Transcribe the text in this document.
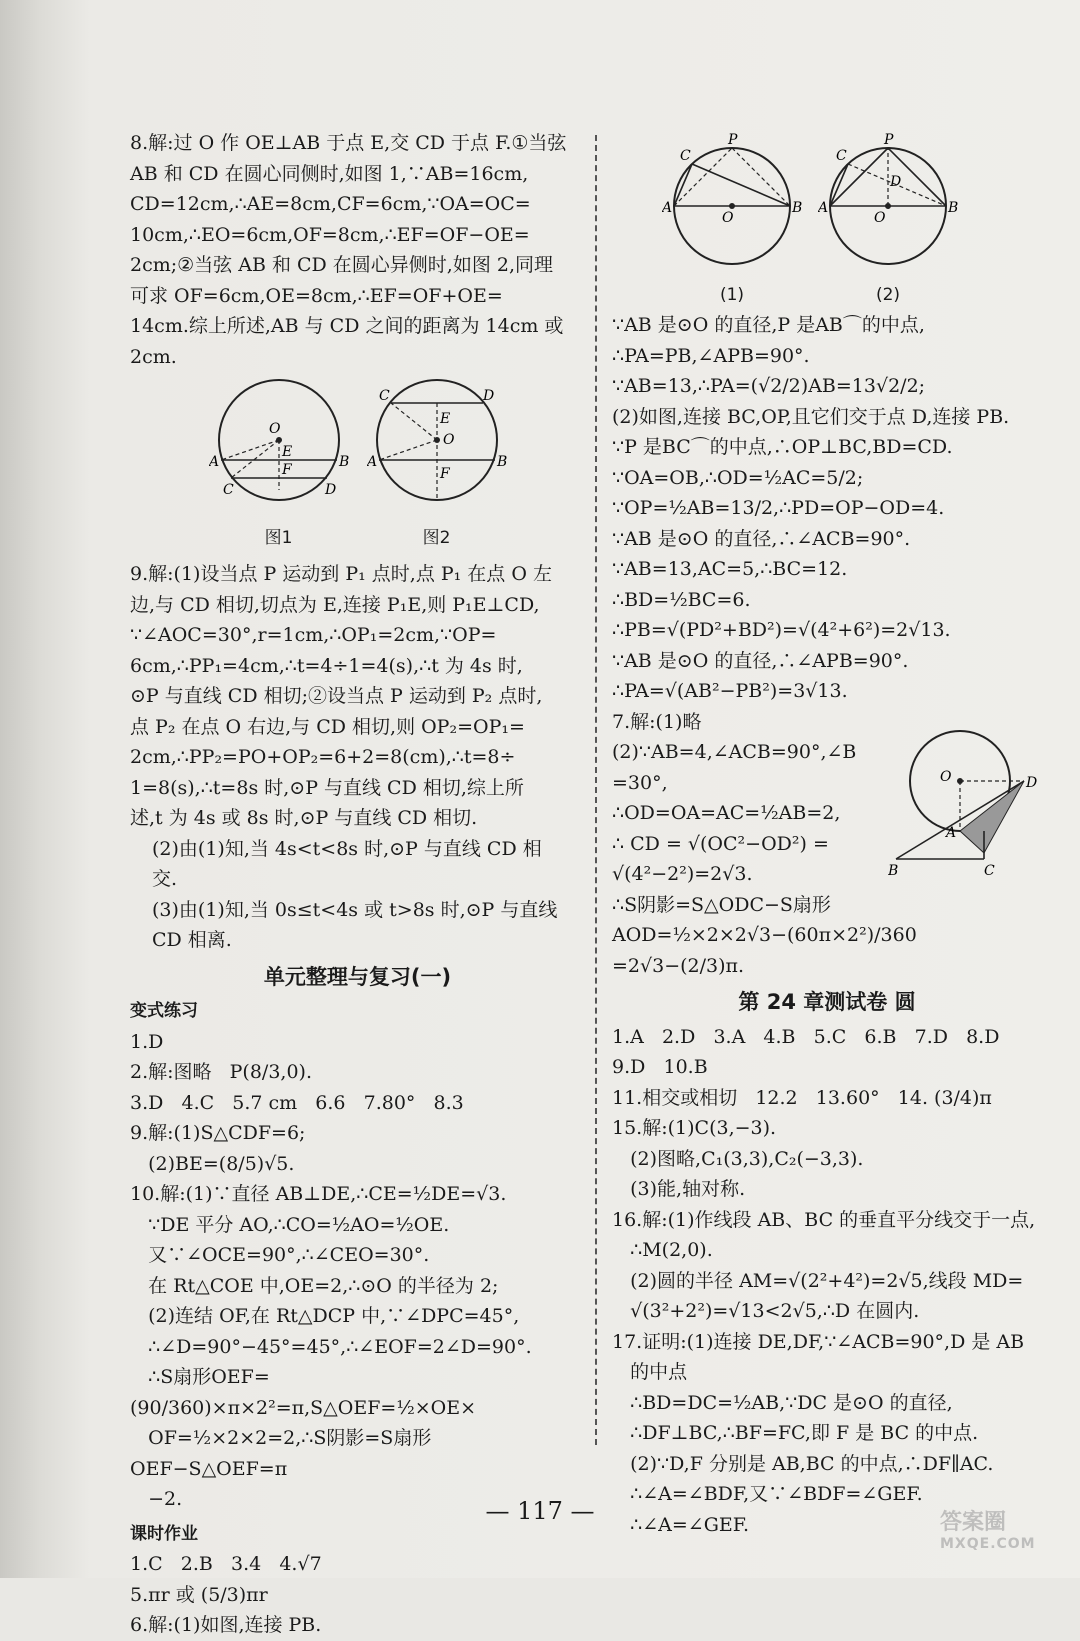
8.解:过 O 作 OE⊥AB 于点 E,交 CD 于点 F.①当弦
AB 和 CD 在圆心同侧时,如图 1,∵AB=16cm,
CD=12cm,∴AE=8cm,CF=6cm,∵OA=OC=
10cm,∴EO=6cm,OF=8cm,∴EF=OF−OE=
2cm;②当弦 AB 和 CD 在圆心异侧时,如图 2,同理
可求 OF=6cm,OE=8cm,∴EF=OF+OE=
14cm.综上所述,AB 与 CD 之间的距离为 14cm 或
2cm.
O
E
F
A	B
C	D
图1
O
E
F
C	D
A	B
图2
9.解:(1)设当点 P 运动到 P₁ 点时,点 P₁ 在点 O 左
边,与 CD 相切,切点为 E,连接 P₁E,则 P₁E⊥CD,
∵∠AOC=30°,r=1cm,∴OP₁=2cm,∵OP=
6cm,∴PP₁=4cm,∴t=4÷1=4(s),∴t 为 4s 时,
⊙P 与直线 CD 相切;②设当点 P 运动到 P₂ 点时,
点 P₂ 在点 O 右边,与 CD 相切,则 OP₂=OP₁=
2cm,∴PP₂=PO+OP₂=6+2=8(cm),∴t=8÷
1=8(s),∴t=8s 时,⊙P 与直线 CD 相切,综上所
述,t 为 4s 或 8s 时,⊙P 与直线 CD 相切.
(2)由(1)知,当 4s<t<8s 时,⊙P 与直线 CD 相
交.
(3)由(1)知,当 0s≤t<4s 或 t>8s 时,⊙P 与直线
CD 相离.
单元整理与复习(一)
变式练习
1.D
2.解:图略   P(8/3,0).
3.D   4.C   5.7 cm   6.6   7.80°   8.3
9.解:(1)S△CDF=6;
(2)BE=(8/5)√5.
10.解:(1)∵直径 AB⊥DE,∴CE=½DE=√3.
∵DE 平分 AO,∴CO=½AO=½OE.
又∵∠OCE=90°,∴∠CEO=30°.
在 Rt△COE 中,OE=2,∴⊙O 的半径为 2;
(2)连结 OF,在 Rt△DCP 中,∵∠DPC=45°,
∴∠D=90°−45°=45°,∴∠EOF=2∠D=90°.
∴S扇形OEF=(90/360)×π×2²=π,S△OEF=½×OE×
OF=½×2×2=2,∴S阴影=S扇形OEF−S△OEF=π
−2.
课时作业
1.C   2.B   3.4   4.√7
5.πr 或 (5/3)πr
6.解:(1)如图,连接 PB.
P
C
A	B
O
(1)
P
C
D
A	B
O
(2)
∵AB 是⊙O 的直径,P 是AB⌒的中点,
∴PA=PB,∠APB=90°.
∵AB=13,∴PA=(√2/2)AB=13√2/2;
(2)如图,连接 BC,OP,且它们交于点 D,连接 PB.
∵P 是BC⌒的中点,∴OP⊥BC,BD=CD.
∵OA=OB,∴OD=½AC=5/2;
∵OP=½AB=13/2,∴PD=OP−OD=4.
∵AB 是⊙O 的直径,∴∠ACB=90°.
∵AB=13,AC=5,∴BC=12.
∴BD=½BC=6.
∴PB=√(PD²+BD²)=√(4²+6²)=2√13.
∵AB 是⊙O 的直径,∴∠APB=90°.
∴PA=√(AB²−PB²)=3√13.
7.解:(1)略
(2)∵AB=4,∠ACB=90°,∠B
=30°,
∴OD=OA=AC=½AB=2,
∴ CD = √(OC²−OD²) =
√(4²−2²)=2√3.
∴S阴影=S△ODC−S扇形AOD=½×2×2√3−(60π×2²)/360
=2√3−(2/3)π.
第 24 章测试卷 圆
1.A   2.D   3.A   4.B   5.C   6.B   7.D   8.D
9.D   10.B
11.相交或相切   12.2   13.60°   14. (3/4)π
15.解:(1)C(3,−3).
(2)图略,C₁(3,3),C₂(−3,3).
(3)能,轴对称.
16.解:(1)作线段 AB、BC 的垂直平分线交于一点,
∴M(2,0).
(2)圆的半径 AM=√(2²+4²)=2√5,线段 MD=
√(3²+2²)=√13<2√5,∴D 在圆内.
17.证明:(1)连接 DE,DF,∵∠ACB=90°,D 是 AB
的中点
∴BD=DC=½AB,∵DC 是⊙O 的直径,
∴DF⊥BC,∴BF=FC,即 F 是 BC 的中点.
(2)∵D,F 分别是 AB,BC 的中点,∴DF∥AC.
∴∠A=∠BDF,又∵∠BDF=∠GEF.
∴∠A=∠GEF.
O	D
A
B	C
— 117 —	答案圈
MXQE.COM
